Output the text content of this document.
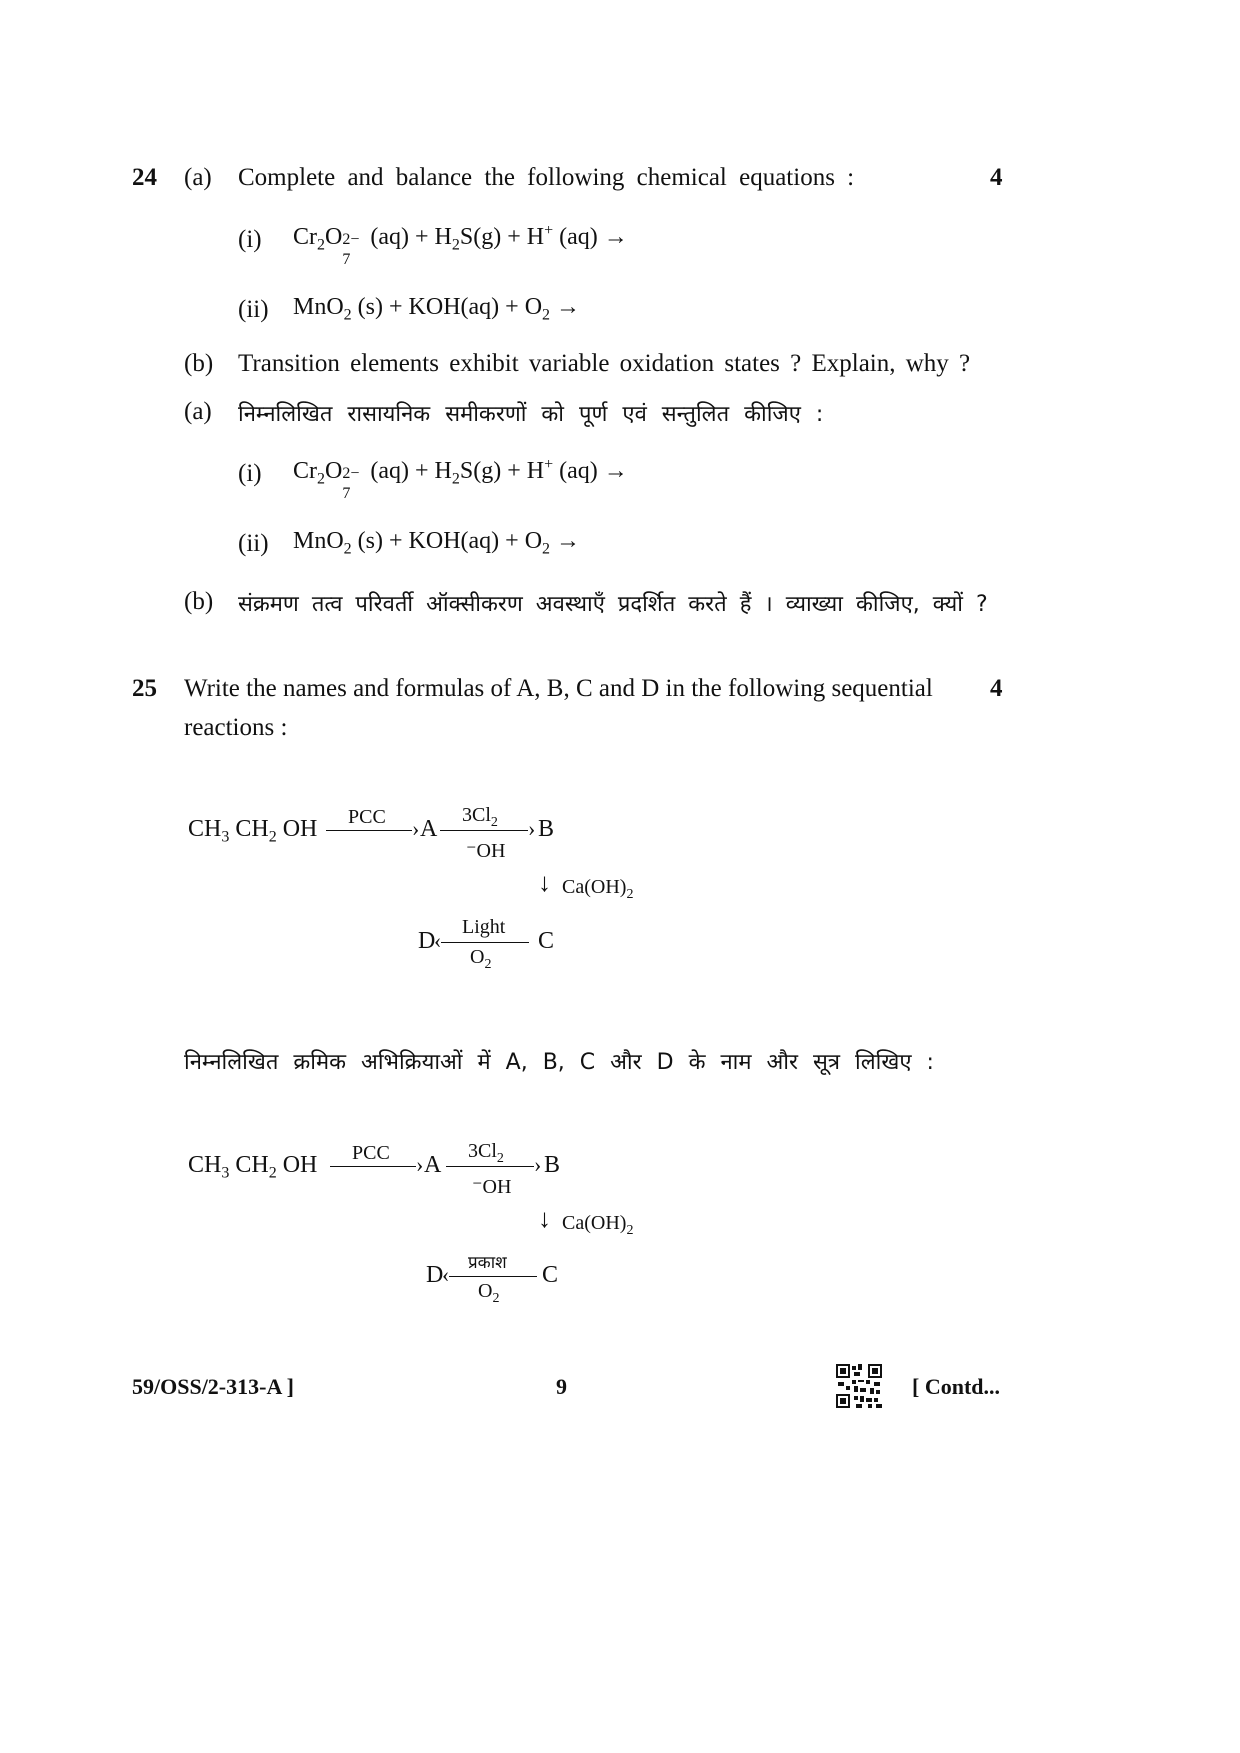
24 (a) Complete and balance the following chemical equations :	4
(i) $Cr_2O$ 2−
7
$(aq) + H_2S(g) + H^+$ (aq) →
(ii) MnO$_2$ $(s) + KOH(aq) + O_2$ →
(b) Transition elements exhibit variable oxidation states ? Explain, why ?
(a) निम्नलिखित रासायनिक समीकरणों को पूर्ण एवं सन्तुलित कीजिए :
(i) $Cr_2O$ 2−
7
$(aq) + H_2S(g) + H^+$ (aq) →
(ii) MnO$_2$ $(s) + KOH(aq) + O_2$ →
(b) संक्रमण तत्व परिवर्ती ऑक्सीकरण अवस्थाएँ प्रदर्शित करते हैं । व्याख्या कीजिए, क्यों ?
25 Write the names and formulas of A, B, C and D in the following sequential 4
reactions :
$CH_3$ $CH_2$ OH PCC	› A
$3Cl_2$	›
⁻OH
B
↓ $Ca(OH)_2$
D
‹
Light
$O_2$
C
निम्नलिखित क्रमिक अभिक्रियाओं में A, B, C और D के नाम और सूत्र लिखिए :
$CH_3$ $CH_2$ OH PCC	› A
$3Cl_2$	›
⁻OH
B
↓ $Ca(OH)_2$
D
‹	प्रकाश
$O_2$
C
59/OSS/2-313-A ]	9	[ Contd...
